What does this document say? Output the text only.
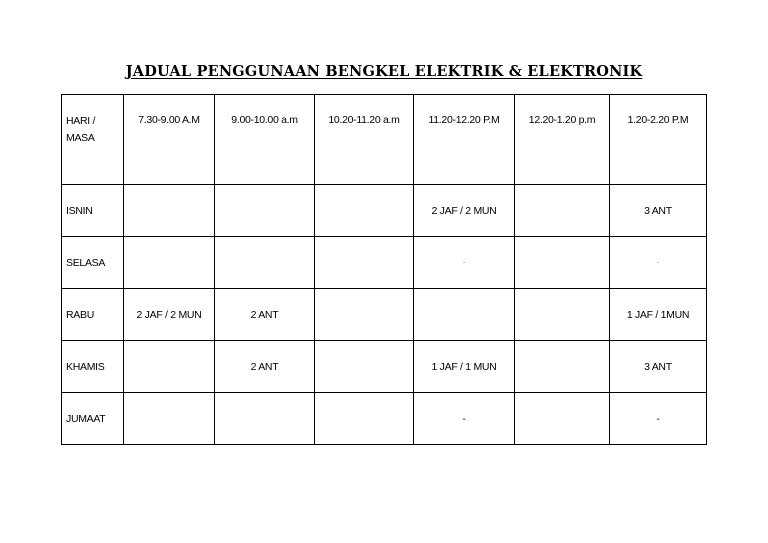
JADUAL PENGGUNAAN BENGKEL ELEKTRIK & ELEKTRONIK
HARI / MASA	7.30-9.00 A.M	9.00-10.00 a.m	10.20-11.20 a.m	11.20-12.20 P.M	12.20-1.20 p.m	1.20-2.20 P.M
ISNIN				2 JAF / 2 MUN		3 ANT
SELASA				-		-
RABU	2 JAF / 2 MUN	2 ANT				1 JAF / 1MUN
KHAMIS		2 ANT		1 JAF / 1 MUN		3 ANT
JUMAAT				-		-
